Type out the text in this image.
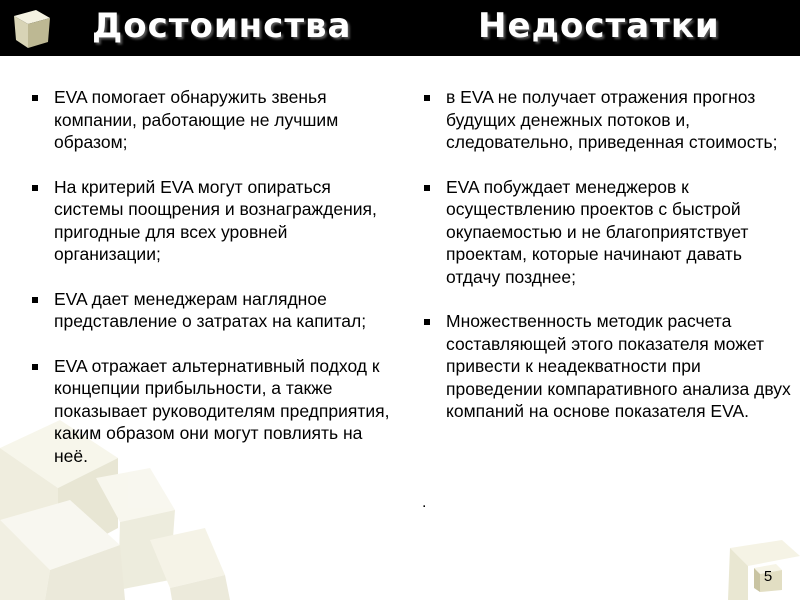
Достоинства	Недостатки
EVA помогает обнаружить звенья компании, работающие не лучшим образом;
На критерий EVA могут опираться системы поощрения и вознаграждения, пригодные для всех уровней организации;
EVA дает менеджерам наглядное представление о затратах на капитал;
EVA отражает альтернативный подход к концепции прибыльности, а также показывает руководителям предприятия, каким образом они могут повлиять на неё.
в EVA не получает отражения прогноз будущих денежных потоков и, следовательно, приведенная стоимость;
EVA побуждает менеджеров к осуществлению проектов с быстрой окупаемостью и не благоприятствует проектам, которые начинают давать отдачу позднее;
Множественность методик расчета составляющей этого показателя может привести к неадекватности при проведении компаративного анализа двух компаний на основе показателя EVA.
.
5
